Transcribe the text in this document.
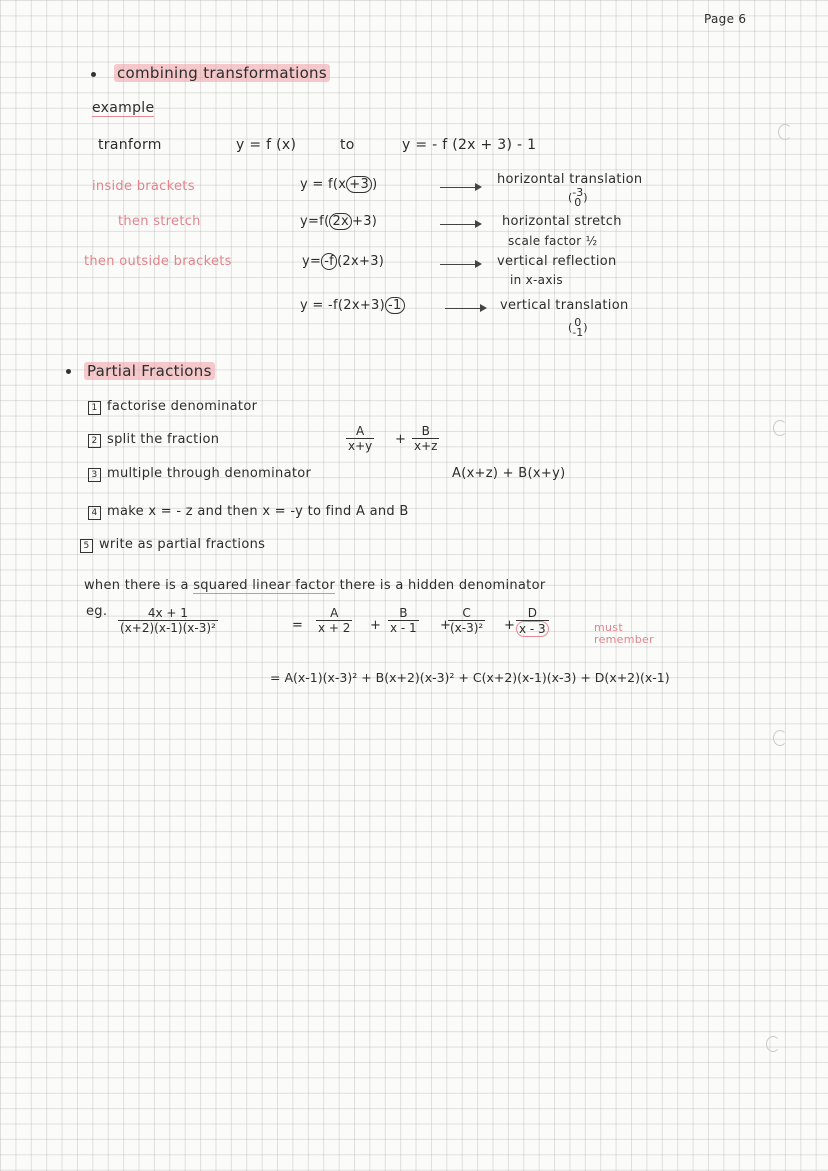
Page 6
combining transformations
example
tranform	y = f (x)	to	y = - f (2x + 3) - 1
inside brackets	y = f(x +3 )	horizontal translation
(-3
0 )
then stretch	y=f( 2x +3)	horizontal stretch
scale factor ½
then outside brackets	y= -f (2x+3)	vertical reflection
in x-axis
y = -f(2x+3) -1	vertical translation
( 0
-1)
Partial Fractions
1 factorise denominator
2 split the fraction	$\frac{A}{x+y} + \frac{B}{x+z}$
3 multiple through denominator	A(x+z) + B(x+y)
4 make x = - z and then x = -y to find A and B
5 write as partial fractions
when there is a squared linear factor there is a hidden denominator
eg. $\frac{4x + 1}{\text{(x+2)(x-1)(x-3)²}}$	= $\frac{A}{x + 2} + \frac{B}{x - 1}$ +
$\frac{C}{\text{(x-3)²}} + \frac{D}{x - 3}$	must remember
= A(x-1)(x-3)² + B(x+2)(x-3)² + C(x+2)(x-1)(x-3) + D(x+2)(x-1)
